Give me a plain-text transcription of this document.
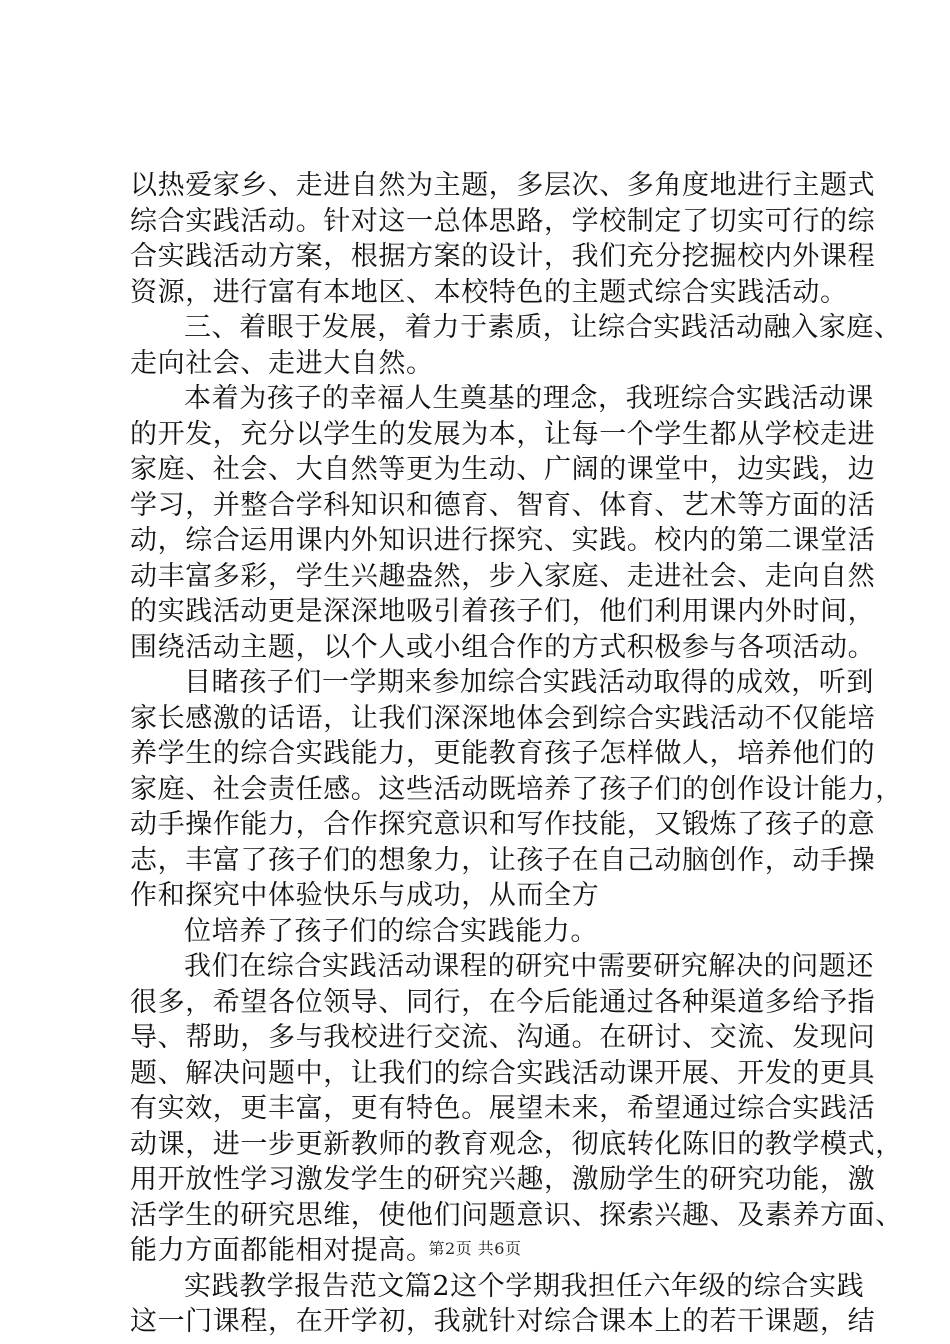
以热爱家乡、走进自然为主题，多层次、多角度地进行主题式
综合实践活动。针对这一总体思路，学校制定了切实可行的综
合实践活动方案，根据方案的设计，我们充分挖掘校内外课程
资源，进行富有本地区、本校特色的主题式综合实践活动。
三、着眼于发展，着力于素质，让综合实践活动融入家庭、
走向社会、走进大自然。
本着为孩子的幸福人生奠基的理念，我班综合实践活动课
的开发，充分以学生的发展为本，让每一个学生都从学校走进
家庭、社会、大自然等更为生动、广阔的课堂中，边实践，边
学习，并整合学科知识和德育、智育、体育、艺术等方面的活
动，综合运用课内外知识进行探究、实践。校内的第二课堂活
动丰富多彩，学生兴趣盎然，步入家庭、走进社会、走向自然
的实践活动更是深深地吸引着孩子们，他们利用课内外时间，
围绕活动主题，以个人或小组合作的方式积极参与各项活动。
目睹孩子们一学期来参加综合实践活动取得的成效，听到
家长感激的话语，让我们深深地体会到综合实践活动不仅能培
养学生的综合实践能力，更能教育孩子怎样做人，培养他们的
家庭、社会责任感。这些活动既培养了孩子们的创作设计能力，
动手操作能力，合作探究意识和写作技能，又锻炼了孩子的意
志，丰富了孩子们的想象力，让孩子在自己动脑创作，动手操
作和探究中体验快乐与成功，从而全方
位培养了孩子们的综合实践能力。
我们在综合实践活动课程的研究中需要研究解决的问题还
很多，希望各位领导、同行，在今后能通过各种渠道多给予指
导、帮助，多与我校进行交流、沟通。在研讨、交流、发现问
题、解决问题中，让我们的综合实践活动课开展、开发的更具
有实效，更丰富，更有特色。展望未来，希望通过综合实践活
动课，进一步更新教师的教育观念，彻底转化陈旧的教学模式，
用开放性学习激发学生的研究兴趣，激励学生的研究功能，激
活学生的研究思维，使他们问题意识、探索兴趣、及素养方面、
能力方面都能相对提高。
实践教学报告范文篇2这个学期我担任六年级的综合实践
这一门课程，在开学初，我就针对综合课本上的若干课题，结
第2页 共6页
